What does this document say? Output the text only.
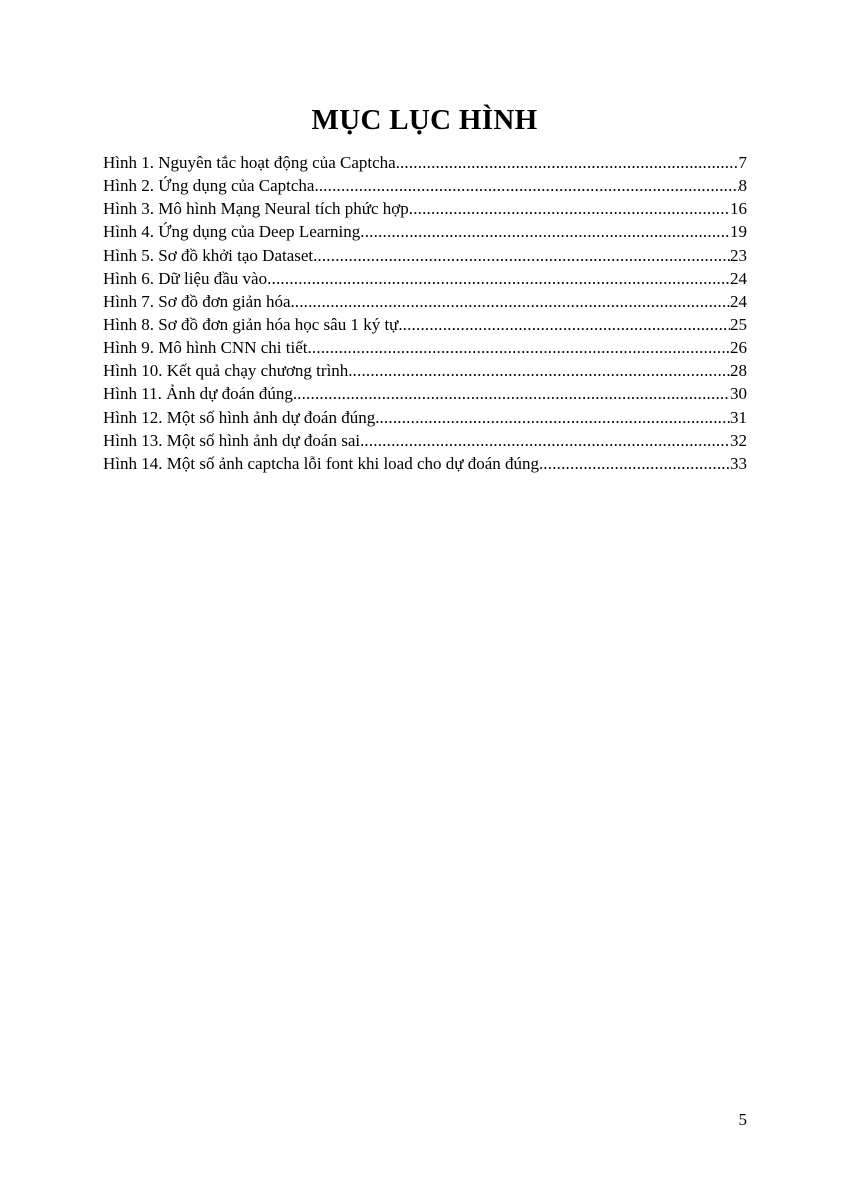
MỤC LỤC HÌNH
Hình 1. Nguyên tắc hoạt động của Captcha. .....	7
Hình 2. Ứng dụng của Captcha. .....	8
Hình 3. Mô hình Mạng Neural tích phức hợp .....	16
Hình 4. Ứng dụng của Deep Learning .....	19
Hình 5. Sơ đồ khởi tạo Dataset. .....	23
Hình 6. Dữ liệu đầu vào .....	24
Hình 7. Sơ đồ đơn giản hóa. .....	24
Hình 8. Sơ đồ đơn giản hóa học sâu 1 ký tự. .....	25
Hình 9. Mô hình CNN chi tiết .....	26
Hình 10. Kết quả chạy chương trình. .....	28
Hình 11. Ảnh dự đoán đúng. .....	30
Hình 12. Một số hình ảnh dự đoán đúng. .....	31
Hình 13. Một số hình ảnh dự đoán sai. .....	32
Hình 14. Một số ảnh captcha lỗi font khi load cho dự đoán đúng. .....	33
5
